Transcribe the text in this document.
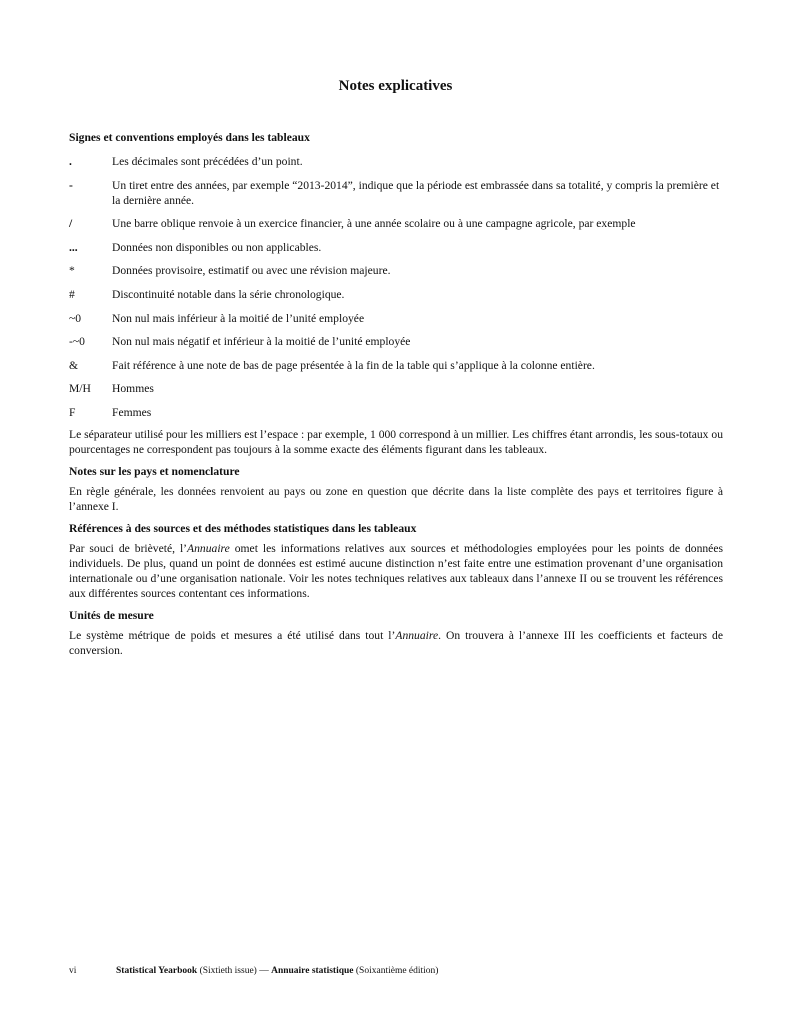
Notes explicatives
Signes et conventions employés dans les tableaux
.	Les décimales sont précédées d’un point.
-	Un tiret entre des années, par exemple “2013-2014”, indique que la période est embrassée dans sa totalité, y compris la première et la dernière année.
/	Une barre oblique renvoie à un exercice financier, à une année scolaire ou à une campagne agricole, par exemple
...	Données non disponibles ou non applicables.
*	Données provisoire, estimatif ou avec une révision majeure.
#	Discontinuité notable dans la série chronologique.
~0	Non nul mais inférieur à la moitié de l’unité employée
-~0	Non nul mais négatif et inférieur à la moitié de l’unité employée
&	Fait référence à une note de bas de page présentée à la fin de la table qui s’applique à la colonne entière.
M/H	Hommes
F	Femmes

Le séparateur utilisé pour les milliers est l’espace : par exemple, 1 000 correspond à un millier. Les chiffres étant arrondis, les sous-totaux ou pourcentages ne correspondent pas toujours à la somme exacte des éléments figurant dans les tableaux.

Notes sur les pays et nomenclature

En règle générale, les données renvoient au pays ou zone en question que décrite dans la liste complète des pays et territoires figure à l’annexe I.

Références à des sources et des méthodes statistiques dans les tableaux

Par souci de brièveté, l’Annuaire omet les informations relatives aux sources et méthodologies employées pour les points de données individuels. De plus, quand un point de données est estimé aucune distinction n’est faite entre une estimation provenant d’une organisation internationale ou d’une organisation nationale. Voir les notes techniques relatives aux tableaux dans l’annexe II ou se trouvent les références aux différentes sources contentant ces informations.

Unités de mesure

Le système métrique de poids et mesures a été utilisé dans tout l’Annuaire. On trouvera à l’annexe III les coefficients et facteurs de conversion.

vi	Statistical Yearbook (Sixtieth issue) — Annuaire statistique (Soixantième édition)
